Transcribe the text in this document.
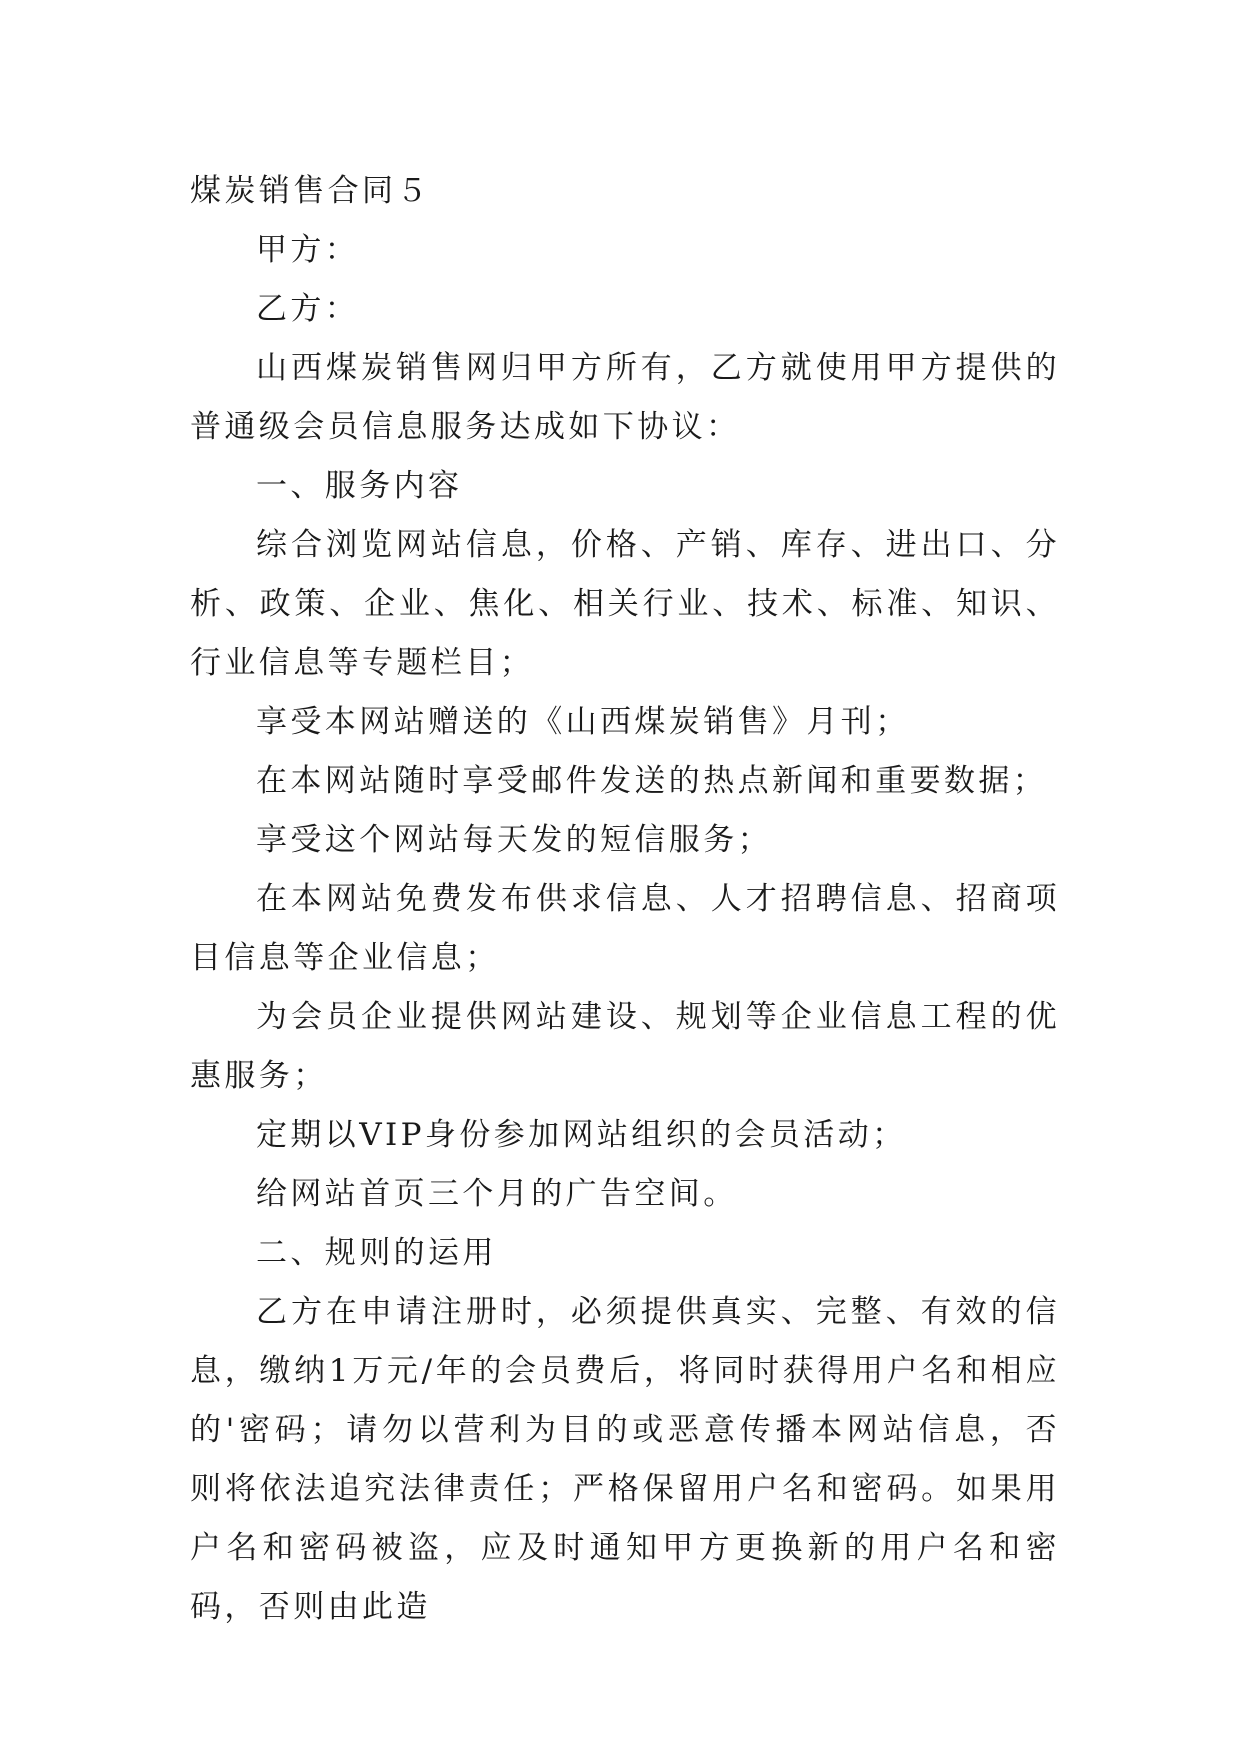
煤炭销售合同５

甲方：

乙方：

山西煤炭销售网归甲方所有，乙方就使用甲方提供的普通级会员信息服务达成如下协议：

一、服务内容

综合浏览网站信息，价格、产销、库存、进出口、分析、政策、企业、焦化、相关行业、技术、标准、知识、行业信息等专题栏目；

享受本网站赠送的《山西煤炭销售》月刊；

在本网站随时享受邮件发送的热点新闻和重要数据；

享受这个网站每天发的短信服务；

在本网站免费发布供求信息、人才招聘信息、招商项目信息等企业信息；

为会员企业提供网站建设、规划等企业信息工程的优惠服务；

定期以VIP身份参加网站组织的会员活动；

给网站首页三个月的广告空间。

二、规则的运用

乙方在申请注册时，必须提供真实、完整、有效的信息，缴纳1万元/年的会员费后，将同时获得用户名和相应的'密码；请勿以营利为目的或恶意传播本网站信息，否则将依法追究法律责任；严格保留用户名和密码。如果用户名和密码被盗，应及时通知甲方更换新的用户名和密码，否则由此造
